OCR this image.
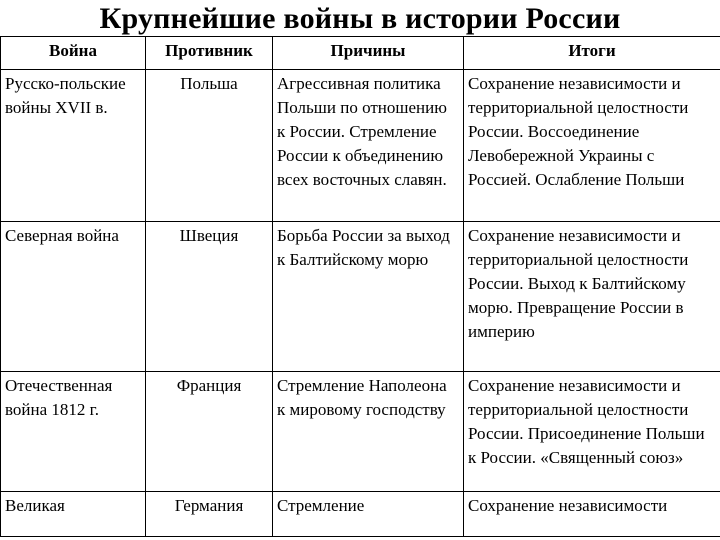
Крупнейшие войны в истории России
Война	Противник	Причины	Итоги
Русско-польские войны XVII в.	Польша	Агрессивная политика Польши по отношению к России. Стремление России к объединению всех восточных славян.	Сохранение независимости и территориальной целостности России. Воссоединение Левобережной Украины с Россией. Ослабление Польши
Северная война	Швеция	Борьба России за выход к Балтийскому морю	Сохранение независимости и территориальной целостности России. Выход к Балтийскому морю. Превращение России в империю
Отечественная война 1812 г.	Франция	Стремление Наполеона к мировому господству	Сохранение независимости и территориальной целостности России. Присоединение Польши к России. «Священный союз»
Великая	Германия	Стремление	Сохранение независимости
